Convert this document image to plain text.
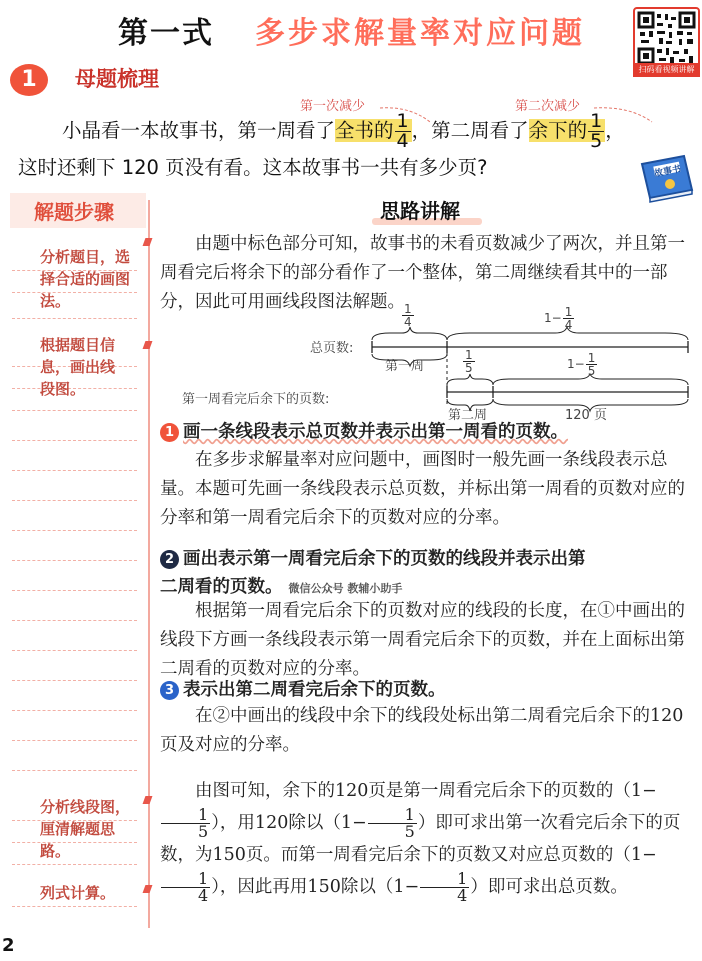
第一式 多步求解量率对应问题
扫码看视频讲解
1	母题梳理
第一次减少	第二次减少
小晶看一本故事书，第一周看了全书的 $\frac{1}{4}$ ，第二周看了余下的 $\frac{1}{5}$ ，
这时还剩下 120 页没有看。这本故事书一共有多少页?	故事书
解题步骤
分析题目，选择合适的画图法。
根据题目信息，画出线段图。
分析线段图，厘清解题思路。
列式计算。
思路讲解
由题中标色部分可知，故事书的未看页数减少了两次，并且第一周看完后将余下的部分看作了一个整体，第二周继续看其中的一部分，因此可用画线段图法解题。
总页数:
$\frac{1}{4}$	$1- \frac{1}{4}$
第一周	$\frac{1}{5}$	$1- \frac{1}{5}$
第一周看完后余下的页数:
第二周	120 页
1 画一条线段表示总页数并表示出第一周看的页数。
在多步求解量率对应问题中，画图时一般先画一条线段表示总量。本题可先画一条线段表示总页数，并标出第一周看的页数对应的分率和第一周看完后余下的页数对应的分率。
2 画出表示第一周看完后余下的页数的线段并表示出第
二周看的页数。 微信公众号 教辅小助手
根据第一周看完后余下的页数对应的线段的长度，在①中画出的线段下方画一条线段表示第一周看完后余下的页数，并在上面标出第二周看的页数对应的分率。
3 表示出第二周看完后余下的页数。
在②中画出的线段中余下的线段处标出第二周看完后余下的120页及对应的分率。
由图可知，余下的120页是第一周看完后余下的页数的（1−
$\frac{1}{5}$ ），用120除以（$1- \frac{1}{5}$ ）即可求出第一次看完后余下的页数，为150页。而第一周看完后余下的页数又对应总页数的（1−
$\frac{1}{4}$ ），因此再用150除以（$1- \frac{1}{4}$ ）即可求出总页数。
2
